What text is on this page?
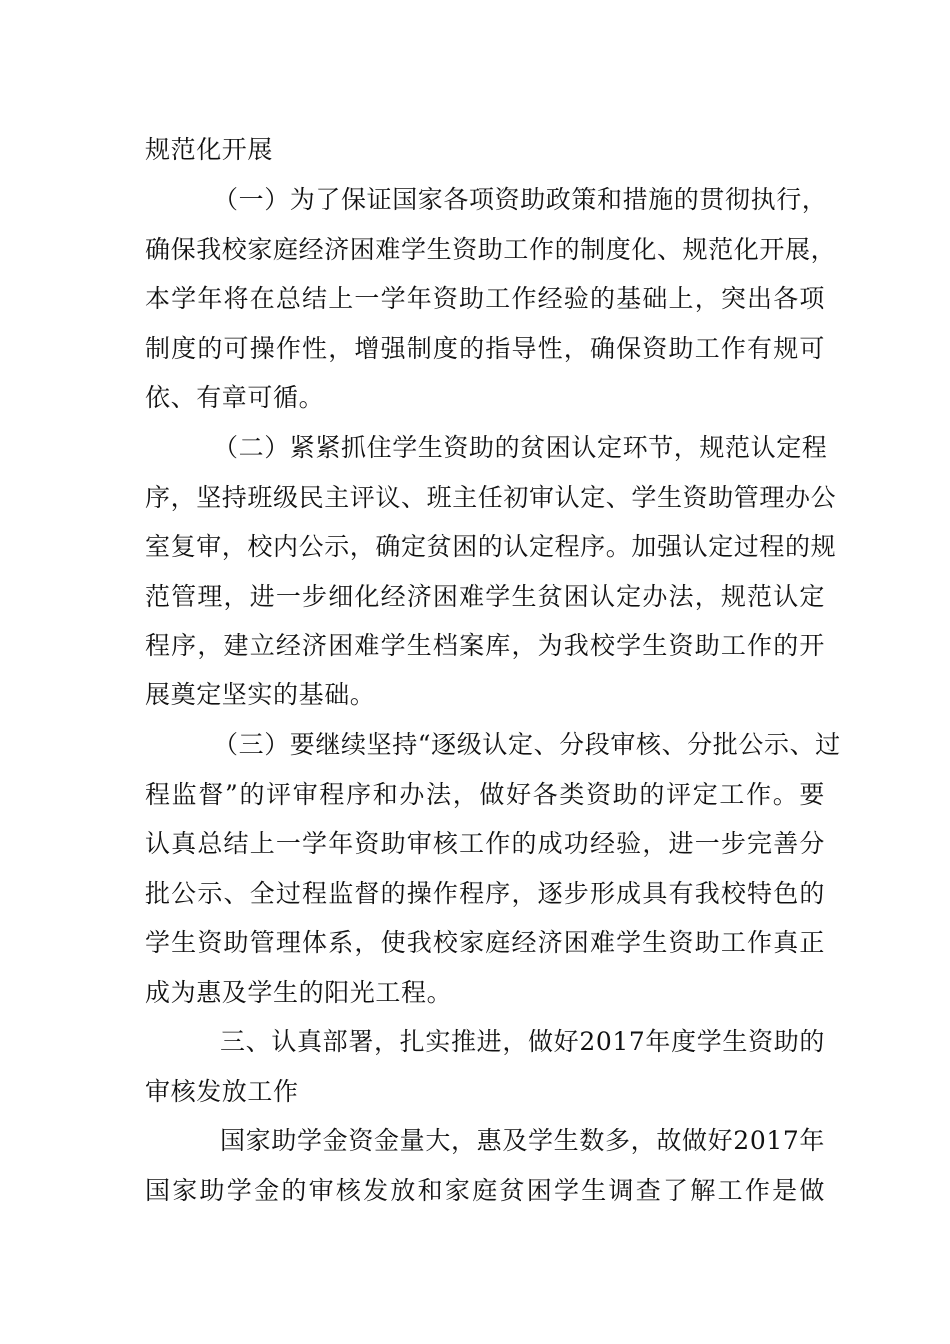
规范化开展
（一）为了保证国家各项资助政策和措施的贯彻执行，
确保我校家庭经济困难学生资助工作的制度化、规范化开展，
本学年将在总结上一学年资助工作经验的基础上，突出各项
制度的可操作性，增强制度的指导性，确保资助工作有规可
依、有章可循。
（二）紧紧抓住学生资助的贫困认定环节，规范认定程
序，坚持班级民主评议、班主任初审认定、学生资助管理办公
室复审，校内公示，确定贫困的认定程序。加强认定过程的规
范管理，进一步细化经济困难学生贫困认定办法，规范认定
程序，建立经济困难学生档案库，为我校学生资助工作的开
展奠定坚实的基础。
（三）要继续坚持“逐级认定、分段审核、分批公示、过
程监督”的评审程序和办法，做好各类资助的评定工作。要
认真总结上一学年资助审核工作的成功经验，进一步完善分
批公示、全过程监督的操作程序，逐步形成具有我校特色的
学生资助管理体系，使我校家庭经济困难学生资助工作真正
成为惠及学生的阳光工程。
三、认真部署，扎实推进，做好2017年度学生资助的
审核发放工作
国家助学金资金量大，惠及学生数多，故做好2017年
国家助学金的审核发放和家庭贫困学生调查了解工作是做
